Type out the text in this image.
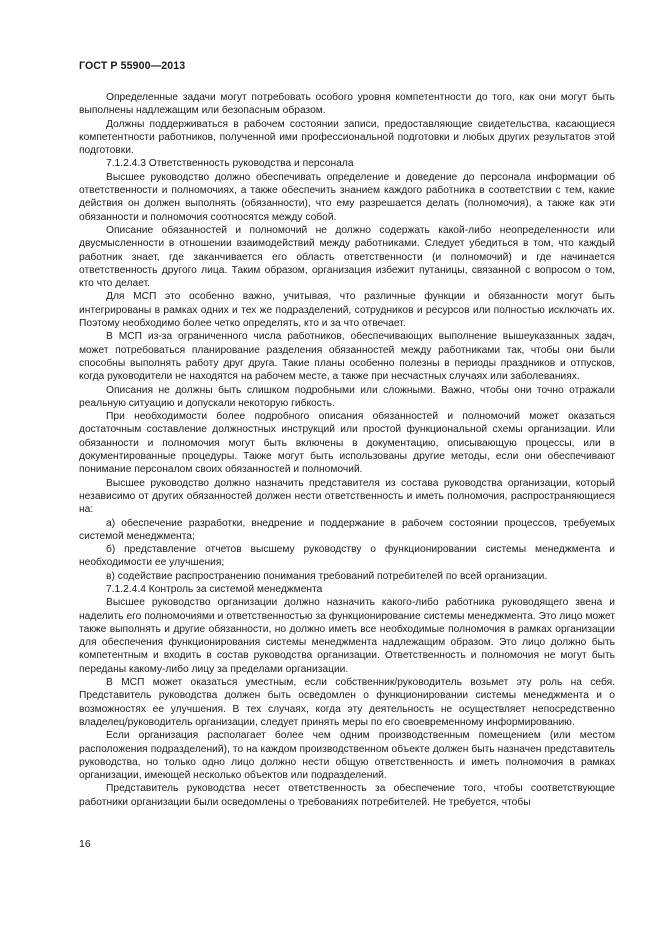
ГОСТ Р 55900—2013

Определенные задачи могут потребовать особого уровня компетентности до того, как они могут быть выполнены надлежащим или безопасным образом.

Должны поддерживаться в рабочем состоянии записи, предоставляющие свидетельства, касающиеся компетентности работников, полученной ими профессиональной подготовки и любых других результатов этой подготовки.

7.1.2.4.3 Ответственность руководства и персонала

Высшее руководство должно обеспечивать определение и доведение до персонала информации об ответственности и полномочиях, а также обеспечить знанием каждого работника в соответствии с тем, какие действия он должен выполнять (обязанности), что ему разрешается делать (полномочия), а также как эти обязанности и полномочия соотносятся между собой.

Описание обязанностей и полномочий не должно содержать какой-либо неопределенности или двусмысленности в отношении взаимодействий между работниками. Следует убедиться в том, что каждый работник знает, где заканчивается его область ответственности (и полномочий) и где начинается ответственность другого лица. Таким образом, организация избежит путаницы, связанной с вопросом о том, кто что делает.

Для МСП это особенно важно, учитывая, что различные функции и обязанности могут быть интегрированы в рамках одних и тех же подразделений, сотрудников и ресурсов или полностью исключать их. Поэтому необходимо более четко определять, кто и за что отвечает.

В МСП из-за ограниченного числа работников, обеспечивающих выполнение вышеуказанных задач, может потребоваться планирование разделения обязанностей между работниками так, чтобы они были способны выполнять работу друг друга. Такие планы особенно полезны в периоды праздников и отпусков, когда руководители не находятся на рабочем месте, а также при несчастных случаях или заболеваниях.

Описания не должны быть слишком подробными или сложными. Важно, чтобы они точно отражали реальную ситуацию и допускали некоторую гибкость.

При необходимости более подробного описания обязанностей и полномочий может оказаться достаточным составление должностных инструкций или простой функциональной схемы организации. Или обязанности и полномочия могут быть включены в документацию, описывающую процессы, или в документированные процедуры. Также могут быть использованы другие методы, если они обеспечивают понимание персоналом своих обязанностей и полномочий.

Высшее руководство должно назначить представителя из состава руководства организации, который независимо от других обязанностей должен нести ответственность и иметь полномочия, распространяющиеся на:

а) обеспечение разработки, внедрение и поддержание в рабочем состоянии процессов, требуемых системой менеджмента;

б) представление отчетов высшему руководству о функционировании системы менеджмента и необходимости ее улучшения;

в) содействие распространению понимания требований потребителей по всей организации.

7.1.2.4.4 Контроль за системой менеджмента

Высшее руководство организации должно назначить какого-либо работника руководящего звена и наделить его полномочиями и ответственностью за функционирование системы менеджмента. Это лицо может также выполнять и другие обязанности, но должно иметь все необходимые полномочия в рамках организации для обеспечения функционирования системы менеджмента надлежащим образом. Это лицо должно быть компетентным и входить в состав руководства организации. Ответственность и полномочия не могут быть переданы какому-либо лицу за пределами организации.

В МСП может оказаться уместным, если собственник/руководитель возьмет эту роль на себя. Представитель руководства должен быть осведомлен о функционировании системы менеджмента и о возможностях ее улучшения. В тех случаях, когда эту деятельность не осуществляет непосредственно владелец/руководитель организации, следует принять меры по его своевременному информированию.

Если организация располагает более чем одним производственным помещением (или местом расположения подразделений), то на каждом производственном объекте должен быть назначен представитель руководства, но только одно лицо должно нести общую ответственность и иметь полномочия в рамках организации, имеющей несколько объектов или подразделений.

Представитель руководства несет ответственность за обеспечение того, чтобы соответствующие работники организации были осведомлены о требованиях потребителей. Не требуется, чтобы

16
